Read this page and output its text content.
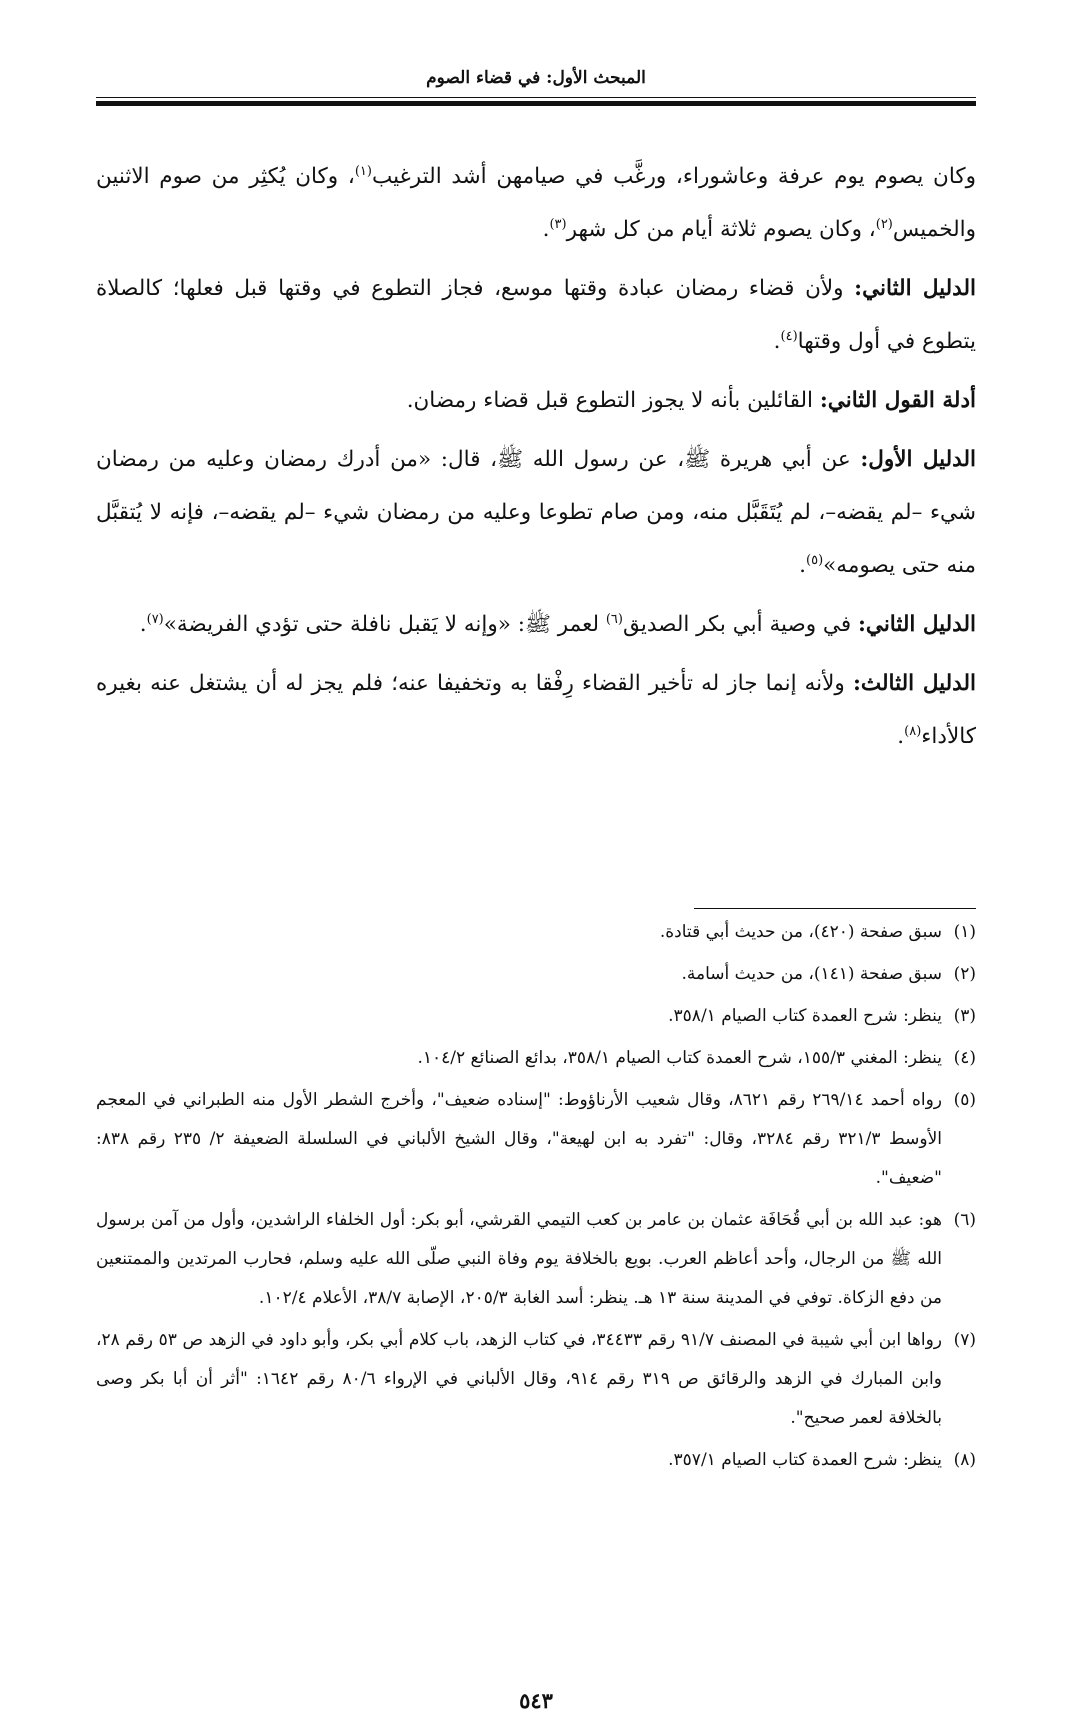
المبحث الأول: في قضاء الصوم

وكان يصوم يوم عرفة وعاشوراء، ورغَّب في صيامهن أشد الترغيب$^{(١)}$، وكان يُكثِر من صوم الاثنين والخميس$^{(٢)}$، وكان يصوم ثلاثة أيام من كل شهر$^{(٣)}$.

الدليل الثاني: ولأن قضاء رمضان عبادة وقتها موسع، فجاز التطوع في وقتها قبل فعلها؛ كالصلاة يتطوع في أول وقتها$^{(٤)}$.

أدلة القول الثاني: القائلين بأنه لا يجوز التطوع قبل قضاء رمضان.

الدليل الأول: عن أبي هريرة ﷺ، عن رسول الله ﷺ، قال: «من أدرك رمضان وعليه من رمضان شيء –لم يقضه–، لم يُتَقَبَّل منه، ومن صام تطوعا وعليه من رمضان شيء –لم يقضه–، فإنه لا يُتقبَّل منه حتى يصومه»$^{(٥)}$.

الدليل الثاني: في وصية أبي بكر الصديق$^{(٦)}$ لعمر ﷺ: «وإنه لا يَقبل نافلة حتى تؤدي الفريضة»$^{(٧)}$.

الدليل الثالث: ولأنه إنما جاز له تأخير القضاء رِفْقا به وتخفيفا عنه؛ فلم يجز له أن يشتغل عنه بغيره كالأداء$^{(٨)}$.

(١)
سبق صفحة (٤٢٠)، من حديث أبي قتادة.
(٢)
سبق صفحة (١٤١)، من حديث أسامة.
(٣)
ينظر: شرح العمدة كتاب الصيام ٣٥٨/١.
(٤)
ينظر: المغني ١٥٥/٣، شرح العمدة كتاب الصيام ٣٥٨/١، بدائع الصنائع ١٠٤/٢.
(٥)
رواه أحمد ٢٦٩/١٤ رقم ٨٦٢١، وقال شعيب الأرناؤوط: "إسناده ضعيف"، وأخرج الشطر الأول منه الطبراني في المعجم الأوسط ٣٢١/٣ رقم ٣٢٨٤، وقال: "تفرد به ابن لهيعة"، وقال الشيخ الألباني في السلسلة الضعيفة ٢/ ٢٣٥ رقم ٨٣٨: "ضعيف".
(٦)
هو: عبد الله بن أبي قُحَافَة عثمان بن عامر بن كعب التيمي القرشي، أبو بكر: أول الخلفاء الراشدين، وأول من آمن برسول الله ﷺ من الرجال، وأحد أعاظم العرب. بويع بالخلافة يوم وفاة النبي صلّى الله عليه وسلم، فحارب المرتدين والممتنعين من دفع الزكاة. توفي في المدينة سنة ١٣ هـ. ينظر: أسد الغابة ٢٠٥/٣، الإصابة ٣٨/٧، الأعلام ١٠٢/٤.
(٧)
رواها ابن أبي شيبة في المصنف ٩١/٧ رقم ٣٤٤٣٣، في كتاب الزهد، باب كلام أبي بكر، وأبو داود في الزهد ص ٥٣ رقم ٢٨، وابن المبارك في الزهد والرقائق ص ٣١٩ رقم ٩١٤، وقال الألباني في الإرواء ٨٠/٦ رقم ١٦٤٢: "أثر أن أبا بكر وصى بالخلافة لعمر صحيح".
(٨)
ينظر: شرح العمدة كتاب الصيام ٣٥٧/١.
٥٤٣
